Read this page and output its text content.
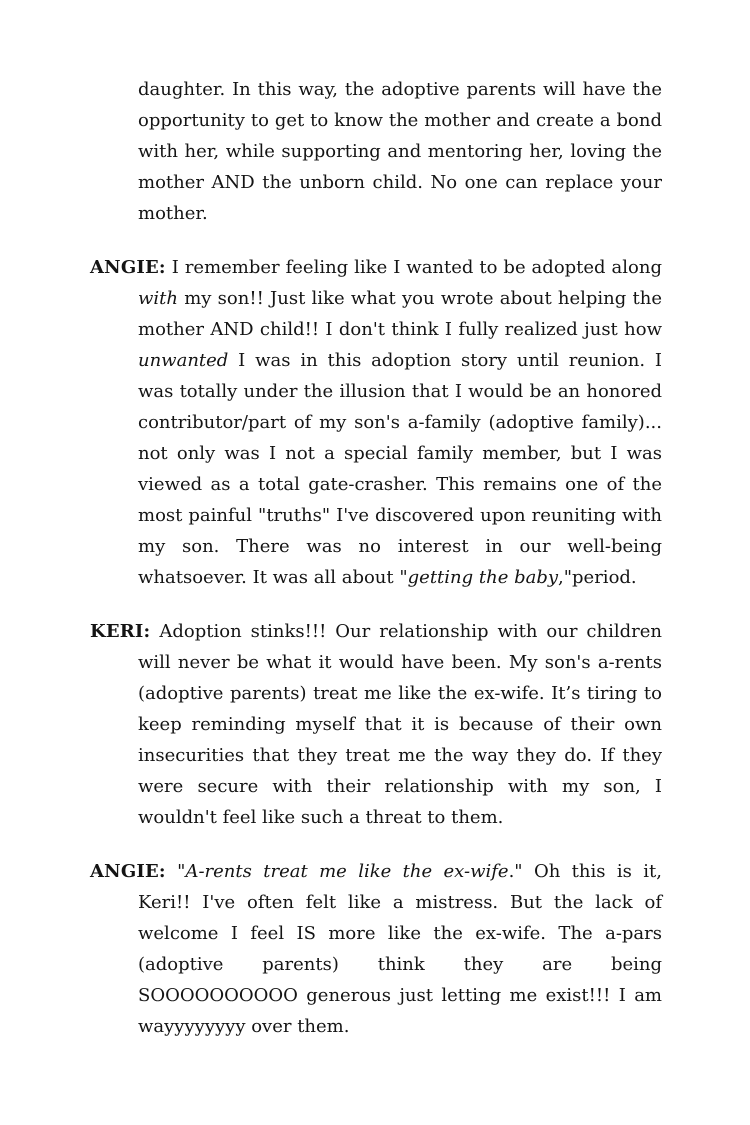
daughter. In this way, the adoptive parents will have the opportunity to get to know the mother and create a bond with her, while supporting and mentoring her, loving the mother AND the unborn child. No one can replace your mother.

ANGIE: I remember feeling like I wanted to be adopted along with my son!! Just like what you wrote about helping the mother AND child!! I don't think I fully realized just how unwanted I was in this adoption story until reunion. I was totally under the illusion that I would be an honored contributor/part of my son's a-family (adoptive family)... not only was I not a special family member, but I was viewed as a total gate-crasher. This remains one of the most painful "truths" I've discovered upon reuniting with my son. There was no interest in our well-being whatsoever. It was all about "getting the baby,"period.

KERI: Adoption stinks!!! Our relationship with our children will never be what it would have been. My son's a-rents (adoptive parents) treat me like the ex-wife. It’s tiring to keep reminding myself that it is because of their own insecurities that they treat me the way they do. If they were secure with their relationship with my son, I wouldn't feel like such a threat to them.

ANGIE: "A-rents treat me like the ex-wife." Oh this is it, Keri!! I've often felt like a mistress. But the lack of welcome I feel IS more like the ex-wife. The a-pars (adoptive parents) think they are being SOOOOOOOOOO generous just letting me exist!!! I am wayyyyyyyy over them.
